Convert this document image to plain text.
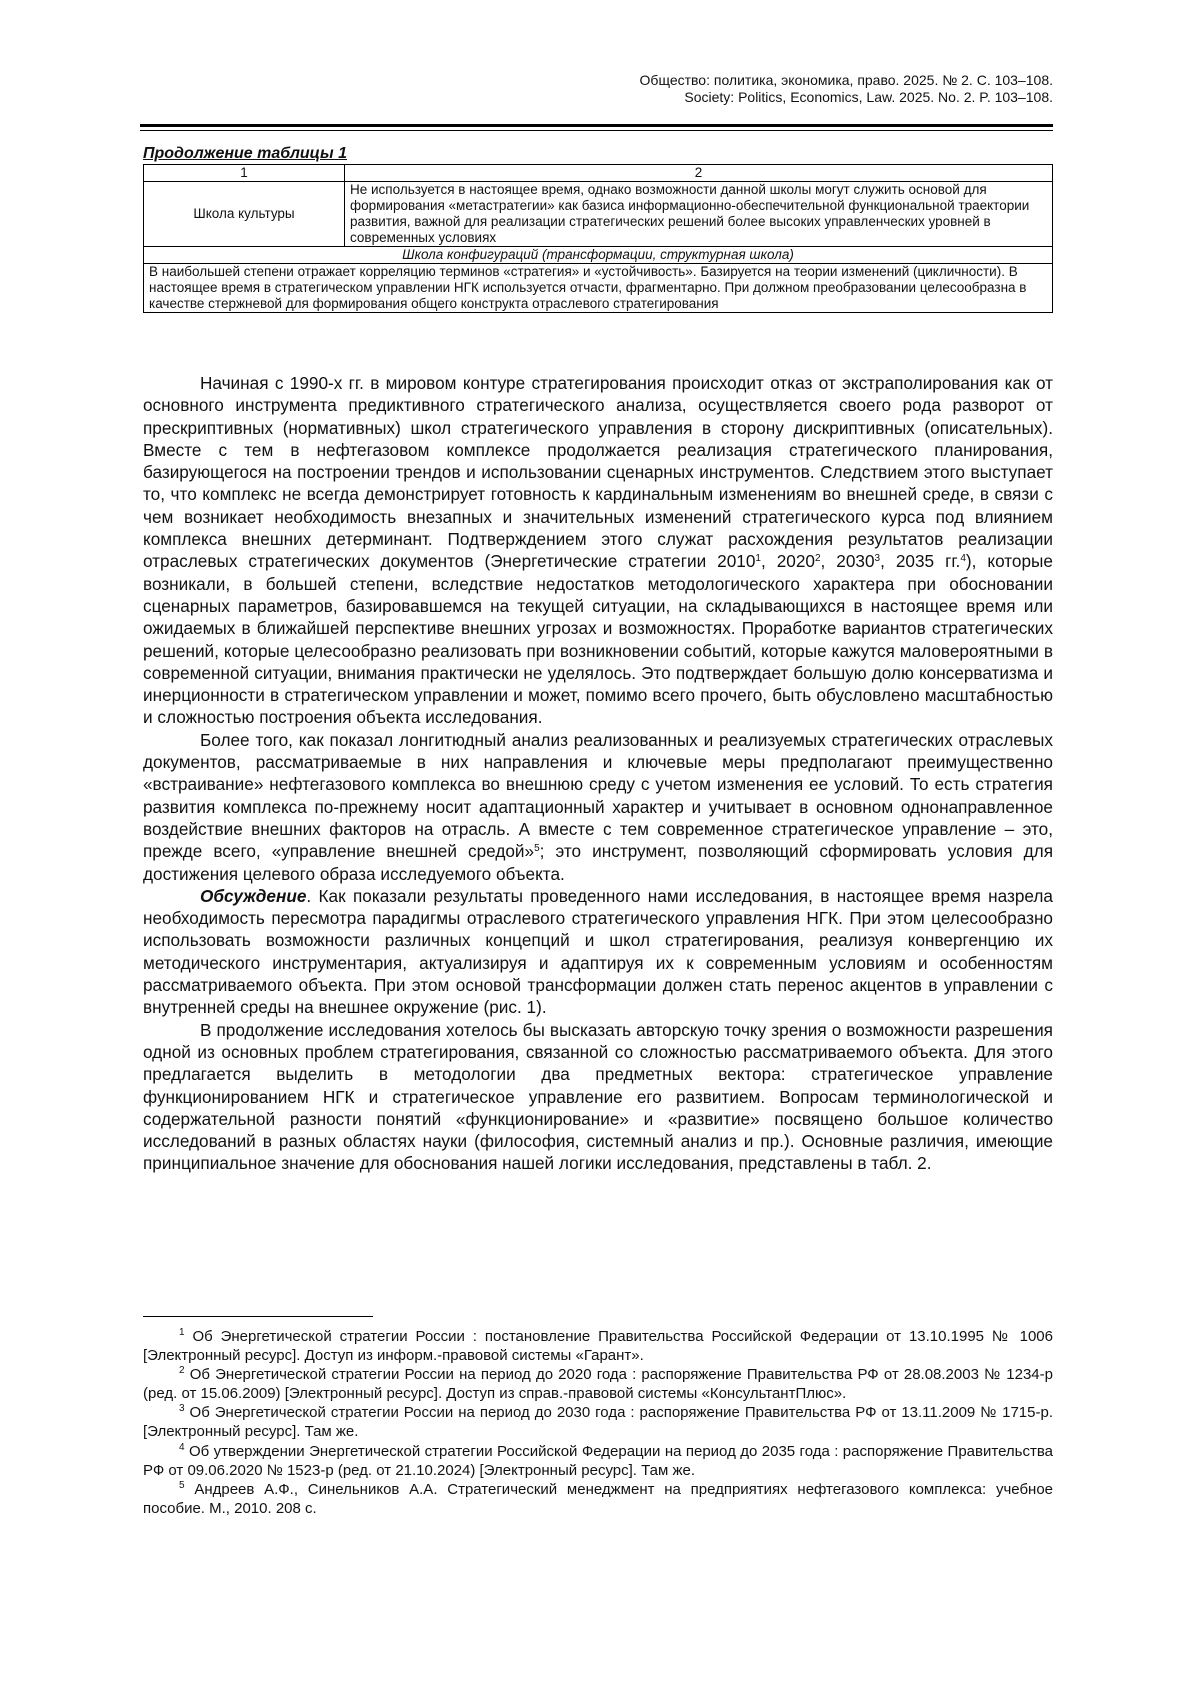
Общество: политика, экономика, право. 2025. № 2. С. 103–108.
Society: Politics, Economics, Law. 2025. No. 2. P. 103–108.
Продолжение таблицы 1
1	2
Школа культуры	Не используется в настоящее время, однако возможности данной школы могут служить основой для формирования «метастратегии» как базиса информационно-обеспечительной функциональной траектории развития, важной для реализации стратегических решений более высоких управленческих уровней в современных условиях
Школа конфигураций (трансформации, структурная школа)	
В наибольшей степени отражает корреляцию терминов «стратегия» и «устойчивость». Базируется на теории изменений (цикличности). В настоящее время в стратегическом управлении НГК используется отчасти, фрагментарно. При должном преобразовании целесообразна в качестве стержневой для формирования общего конструкта отраслевого стратегирования	

Начиная с 1990-х гг. в мировом контуре стратегирования происходит отказ от экстраполирования как от основного инструмента предиктивного стратегического анализа, осуществляется своего рода разворот от прескриптивных (нормативных) школ стратегического управления в сторону дискриптивных (описательных). Вместе с тем в нефтегазовом комплексе продолжается реализация стратегического планирования, базирующегося на построении трендов и использовании сценарных инструментов. Следствием этого выступает то, что комплекс не всегда демонстрирует готовность к кардинальным изменениям во внешней среде, в связи с чем возникает необходимость внезапных и значительных изменений стратегического курса под влиянием комплекса внешних детерминант. Подтверждением этого служат расхождения результатов реализации отраслевых стратегических документов (Энергетические стратегии 2010$^1$, 2020$^2$, 2030$^3$, 2035 гг.$^4$), которые возникали, в большей степени, вследствие недостатков методологического характера при обосновании сценарных параметров, базировавшемся на текущей ситуации, на складывающихся в настоящее время или ожидаемых в ближайшей перспективе внешних угрозах и возможностях. Проработке вариантов стратегических решений, которые целесообразно реализовать при возникновении событий, которые кажутся маловероятными в современной ситуации, внимания практически не уделялось. Это подтверждает большую долю консерватизма и инерционности в стратегическом управлении и может, помимо всего прочего, быть обусловлено масштабностью и сложностью построения объекта исследования.

Более того, как показал лонгитюдный анализ реализованных и реализуемых стратегических отраслевых документов, рассматриваемые в них направления и ключевые меры предполагают преимущественно «встраивание» нефтегазового комплекса во внешнюю среду с учетом изменения ее условий. То есть стратегия развития комплекса по-прежнему носит адаптационный характер и учитывает в основном однонаправленное воздействие внешних факторов на отрасль. А вместе с тем современное стратегическое управление – это, прежде всего, «управление внешней средой»$^5$; это инструмент, позволяющий сформировать условия для достижения целевого образа исследуемого объекта.

Обсуждение. Как показали результаты проведенного нами исследования, в настоящее время назрела необходимость пересмотра парадигмы отраслевого стратегического управления НГК. При этом целесообразно использовать возможности различных концепций и школ стратегирования, реализуя конвергенцию их методического инструментария, актуализируя и адаптируя их к современным условиям и особенностям рассматриваемого объекта. При этом основой трансформации должен стать перенос акцентов в управлении с внутренней среды на внешнее окружение (рис. 1).

В продолжение исследования хотелось бы высказать авторскую точку зрения о возможности разрешения одной из основных проблем стратегирования, связанной со сложностью рассматриваемого объекта. Для этого предлагается выделить в методологии два предметных вектора: стратегическое управление функционированием НГК и стратегическое управление его развитием. Вопросам терминологической и содержательной разности понятий «функционирование» и «развитие» посвящено большое количество исследований в разных областях науки (философия, системный анализ и пр.). Основные различия, имеющие принципиальное значение для обоснования нашей логики исследования, представлены в табл. 2.

$^1$ Об Энергетической стратегии России : постановление Правительства Российской Федерации от 13.10.1995 № 1006 [Электронный ресурс]. Доступ из информ.-правовой системы «Гарант».

$^2$ Об Энергетической стратегии России на период до 2020 года : распоряжение Правительства РФ от 28.08.2003 № 1234-р (ред. от 15.06.2009) [Электронный ресурс]. Доступ из справ.-правовой системы «КонсультантПлюс».

$^3$ Об Энергетической стратегии России на период до 2030 года : распоряжение Правительства РФ от 13.11.2009 № 1715-р.[Электронный ресурс]. Там же.

$^4$ Об утверждении Энергетической стратегии Российской Федерации на период до 2035 года : распоряжение Правительства РФ от 09.06.2020 № 1523-р (ред. от 21.10.2024) [Электронный ресурс]. Там же.

$^5$ Андреев А.Ф., Синельников А.А. Стратегический менеджмент на предприятиях нефтегазового комплекса: учебное пособие. М., 2010. 208 с.
